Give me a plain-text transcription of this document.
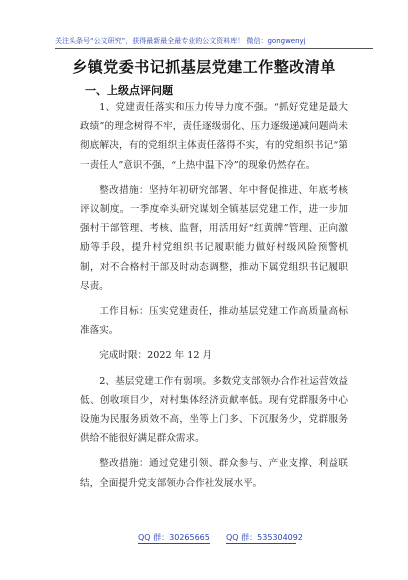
关注头条号“公文研究”，获得最新最全最专业的公文资料库！ 微信：gongwenyj
乡镇党委书记抓基层党建工作整改清单
一、上级点评问题

1、党建责任落实和压力传导力度不强。“抓好党建是最大政绩”的理念树得不牢，责任逐级弱化、压力逐级递减问题尚未彻底解决，有的党组织主体责任落得不实，有的党组织书记“第一责任人”意识不强，“上热中温下冷”的现象仍然存在。

整改措施：坚持年初研究部署、年中督促推进、年底考核评议制度。一季度牵头研究谋划全镇基层党建工作，进一步加强村干部管理、考核、监督，用活用好“红黄牌”管理、正向激励等手段，提升村党组织书记履职能力做好村级风险预警机制，对不合格村干部及时动态调整，推动下属党组织书记履职尽责。

工作目标：压实党建责任，推动基层党建工作高质量高标准落实。

完成时限：2022 年 12 月

2、基层党建工作有弱项。多数党支部领办合作社运营效益低、创收项目少，对村集体经济贡献率低。现有党群服务中心设施为民服务质效不高，坐等上门多、下沉服务少，党群服务供给不能很好满足群众需求。

整改措施：通过党建引领、群众参与、产业支撑、利益联结，全面提升党支部领办合作社发展水平。

QQ 群：30265665 QQ 群：535304092
